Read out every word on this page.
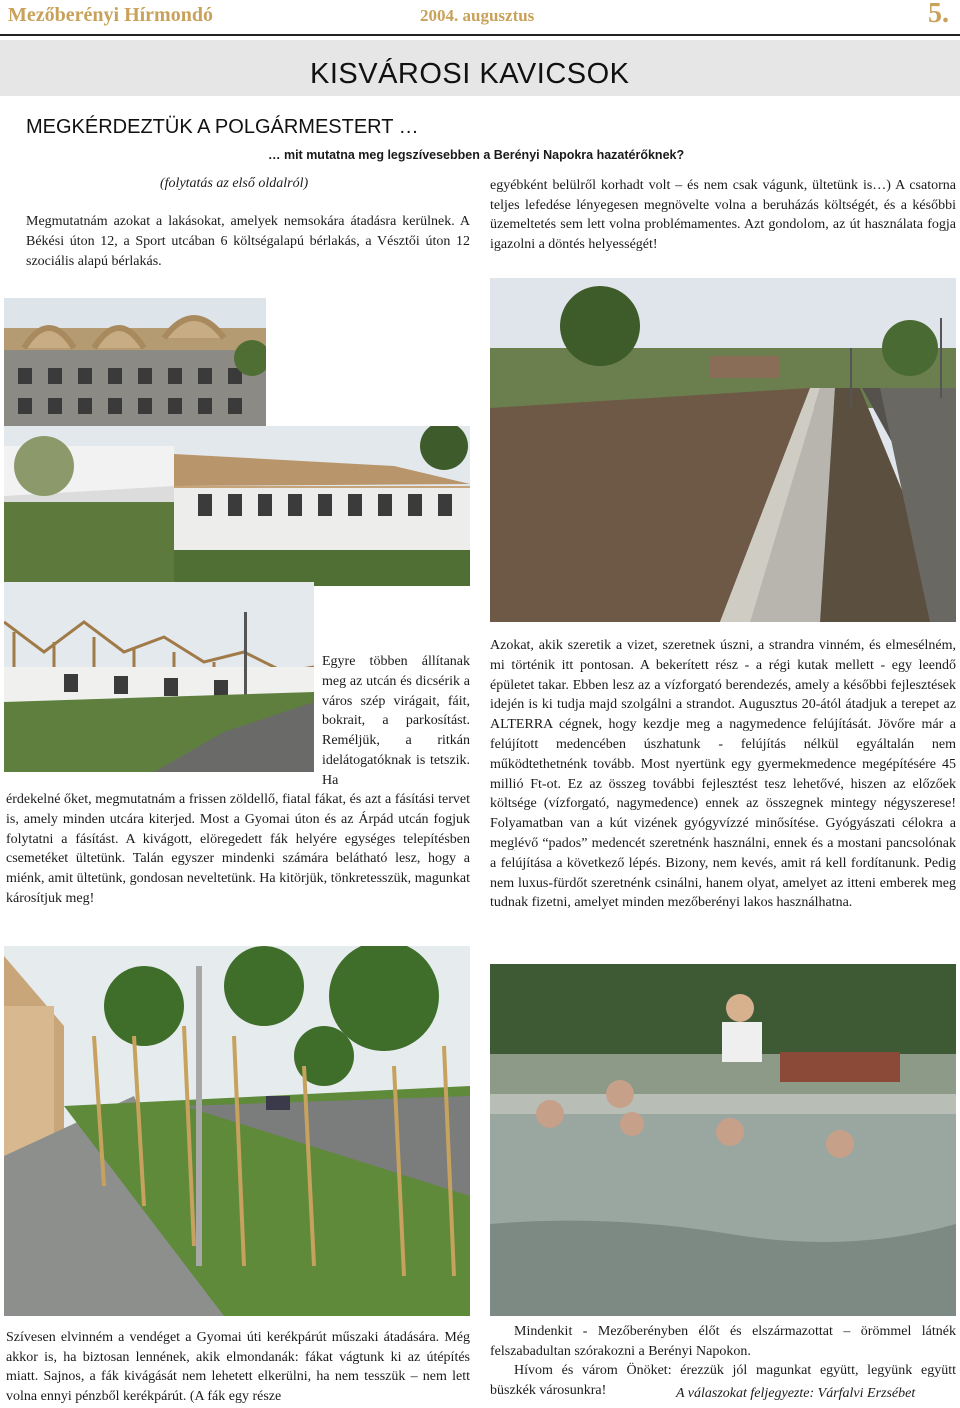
Mezőberényi Hírmondó	2004. augusztus	5.
KISVÁROSI KAVICSOK
MEGKÉRDEZTÜK A POLGÁRMESTERT …
… mit mutatna meg legszívesebben a Berényi Napokra hazatérőknek?
(folytatás az első oldalról)
Megmutatnám azokat a lakásokat, amelyek nemsokára átadásra kerülnek. A Békési úton 12, a Sport utcában 6 költségalapú bérlakás, a Vésztői úton 12 szociális alapú bérlakás.
egyébként belülről korhadt volt – és nem csak vágunk, ültetünk is…) A csatorna teljes lefedése lényegesen megnövelte volna a beruházás költségét, és a későbbi üzemeltetés sem lett volna problémamentes. Azt gondolom, az út használata fogja igazolni a döntés helyességét!
Egyre többen állítanak meg az utcán és dicsérik a város szép virágait, fáit, bokrait, a parkosítást. Reméljük, a ritkán idelátogatóknak is tetszik. Ha
érdekelné őket, megmutatnám a frissen zöldellő, fiatal fákat, és azt a fásítási tervet is, amely minden utcára kiterjed. Most a Gyomai úton és az Árpád utcán fogjuk folytatni a fásítást. A kivágott, elöregedett fák helyére egységes telepítésben csemetéket ültetünk. Talán egyszer mindenki számára belátható lesz, hogy a miénk, amit ültetünk, gondosan neveltetünk. Ha kitörjük, tönkretesszük, magunkat károsítjuk meg!
Azokat, akik szeretik a vizet, szeretnek úszni, a strandra vinném, és elmesélném, mi történik itt pontosan. A bekerített rész - a régi kutak mellett - egy leendő épületet takar. Ebben lesz az a vízforgató berendezés, amely a későbbi fejlesztések idején is ki tudja majd szolgálni a strandot. Augusztus 20-ától átadjuk a terepet az ALTERRA cégnek, hogy kezdje meg a nagymedence felújítását. Jövőre már a felújított medencében úszhatunk - felújítás nélkül egyáltalán nem működtethetnénk tovább. Most nyertünk egy gyermekmedence megépítésére 45 millió Ft-ot. Ez az összeg további fejlesztést tesz lehetővé, hiszen az előzőek költsége (vízforgató, nagymedence) ennek az összegnek mintegy négyszerese! Folyamatban van a kút vizének gyógyvízzé minősítése. Gyógyászati célokra a meglévő “pados” medencét szeretnénk használni, ennek és a mostani pancsolónak a felújítása a következő lépés. Bizony, nem kevés, amit rá kell fordítanunk. Pedig nem luxus-fürdőt szeretnénk csinálni, hanem olyat, amelyet az itteni emberek meg tudnak fizetni, amelyet minden mezőberényi lakos használhatna.
Szívesen elvinném a vendéget a Gyomai úti kerékpárút műszaki átadására. Még akkor is, ha biztosan lennének, akik elmondanák: fákat vágtunk ki az útépítés miatt. Sajnos, a fák kivágását nem lehetett elkerülni, ha nem tesszük – nem lett volna ennyi pénzből kerékpárút. (A fák egy része
Mindenkit - Mezőberényben élőt és elszármazottat – örömmel látnék felszabadultan szórakozni a Berényi Napokon.
Hívom és várom Önöket: érezzük jól magunkat együtt, legyünk együtt büszkék városunkra!	A válaszokat feljegyezte: Várfalvi Erzsébet
